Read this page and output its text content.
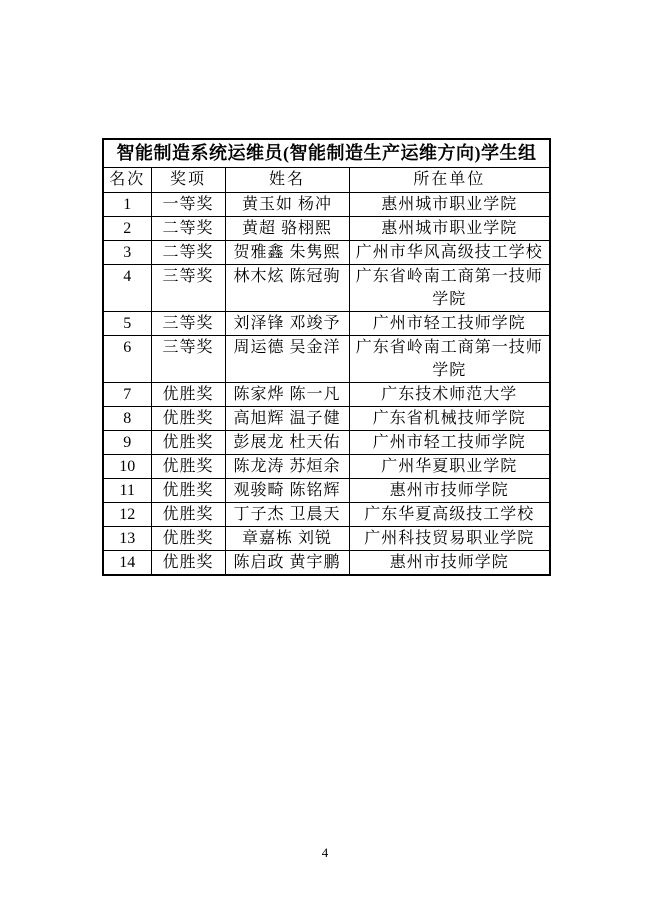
智能制造系统运维员(智能制造生产运维方向)学生组			
名次	奖项	姓名	所在单位
1	一等奖	黄玉如 杨冲	惠州城市职业学院
2	二等奖	黄超 骆栩熙	惠州城市职业学院
3	二等奖	贺雅鑫 朱隽熙	广州市华风高级技工学校
4	三等奖	林木炫 陈冠驹	广东省岭南工商第一技师学院
5	三等奖	刘泽锋 邓竣予	广州市轻工技师学院
6	三等奖	周运德 吴金洋	广东省岭南工商第一技师学院
7	优胜奖	陈家烨 陈一凡	广东技术师范大学
8	优胜奖	高旭辉 温子健	广东省机械技师学院
9	优胜奖	彭展龙 杜天佑	广州市轻工技师学院
10	优胜奖	陈龙涛 苏烜余	广州华夏职业学院
11	优胜奖	观骏畸 陈铭辉	惠州市技师学院
12	优胜奖	丁子杰 卫晨天	广东华夏高级技工学校
13	优胜奖	章嘉栋 刘锐	广州科技贸易职业学院
14	优胜奖	陈启政 黄宇鹏	惠州市技师学院
4
